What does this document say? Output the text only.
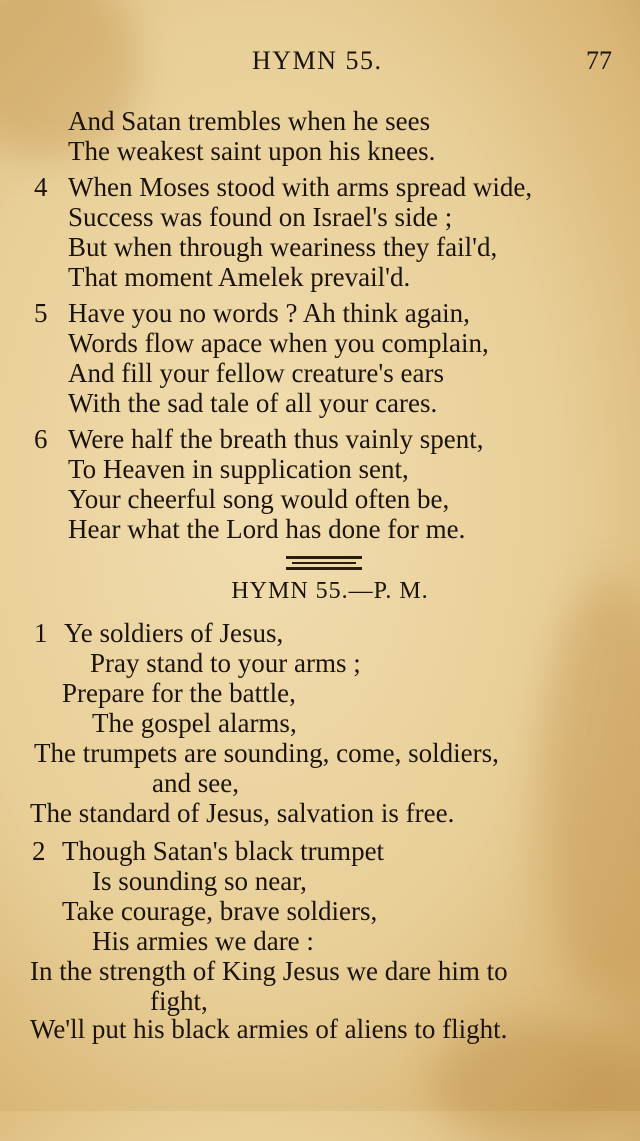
HYMN 55.	77
And Satan trembles when he sees
The weakest saint upon his knees.
4 When Moses stood with arms spread wide,
Success was found on Israel's side ;
But when through weariness they fail'd,
That moment Amelek prevail'd.
5 Have you no words ? Ah think again,
Words flow apace when you complain,
And fill your fellow creature's ears
With the sad tale of all your cares.
6 Were half the breath thus vainly spent,
To Heaven in supplication sent,
Your cheerful song would often be,
Hear what the Lord has done for me.
HYMN 55.—P. M.
1 Ye soldiers of Jesus,
Pray stand to your arms ;
Prepare for the battle,
The gospel alarms,
The trumpets are sounding, come, soldiers,
and see,
The standard of Jesus, salvation is free.
2 Though Satan's black trumpet
Is sounding so near,
Take courage, brave soldiers,
His armies we dare :
In the strength of King Jesus we dare him to
fight,
We'll put his black armies of aliens to flight.
